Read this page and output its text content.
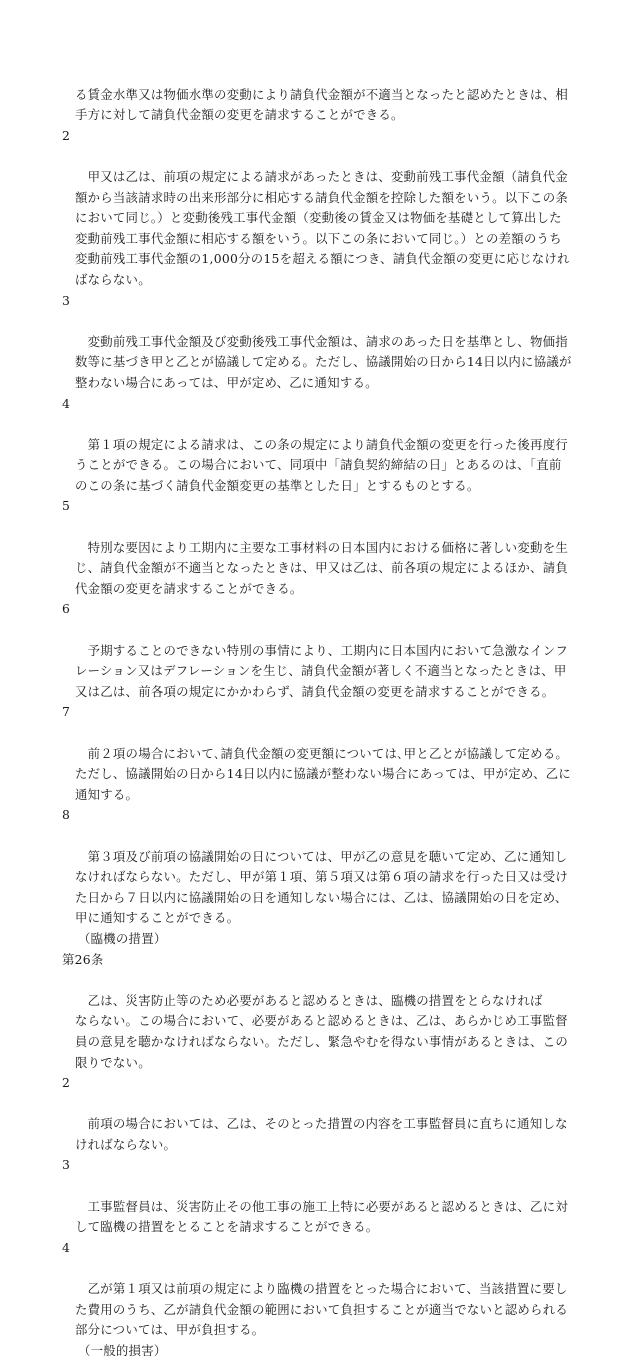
る賃金水準又は物価水準の変動により請負代金額が不適当となったと認めたときは、相
手方に対して請負代金額の変更を請求することができる。

2

　甲又は乙は、前項の規定による請求があったときは、変動前残工事代金額（請負代金
額から当該請求時の出来形部分に相応する請負代金額を控除した額をいう。以下この条
において同じ。）と変動後残工事代金額（変動後の賃金又は物価を基礎として算出した
変動前残工事代金額に相応する額をいう。以下この条において同じ。）との差額のうち
変動前残工事代金額の1,000分の15を超える額につき、請負代金額の変更に応じなけれ
ばならない。

3

　変動前残工事代金額及び変動後残工事代金額は、請求のあった日を基準とし、物価指
数等に基づき甲と乙とが協議して定める。ただし、協議開始の日から14日以内に協議が
整わない場合にあっては、甲が定め、乙に通知する。

4

　第１項の規定による請求は、この条の規定により請負代金額の変更を行った後再度行
うことができる。この場合において、同項中「請負契約締結の日」とあるのは、「直前
のこの条に基づく請負代金額変更の基準とした日」とするものとする。

5

　特別な要因により工期内に主要な工事材料の日本国内における価格に著しい変動を生
じ、請負代金額が不適当となったときは、甲又は乙は、前各項の規定によるほか、請負
代金額の変更を請求することができる。

6

　予期することのできない特別の事情により、工期内に日本国内において急激なインフ
レーション又はデフレーションを生じ、請負代金額が著しく不適当となったときは、甲
又は乙は、前各項の規定にかかわらず、請負代金額の変更を請求することができる。

7

　前２項の場合において､請負代金額の変更額については､甲と乙とが協議して定める。
ただし、協議開始の日から14日以内に協議が整わない場合にあっては、甲が定め、乙に
通知する。

8

　第３項及び前項の協議開始の日については、甲が乙の意見を聴いて定め、乙に通知し
なければならない。ただし、甲が第１項、第５項又は第６項の請求を行った日又は受け
た日から７日以内に協議開始の日を通知しない場合には、乙は、協議開始の日を定め、
甲に通知することができる。

（臨機の措置）

第26条

　乙は、災害防止等のため必要があると認めるときは、臨機の措置をとらなければ
ならない。この場合において、必要があると認めるときは、乙は、あらかじめ工事監督
員の意見を聴かなければならない。ただし、緊急やむを得ない事情があるときは、この
限りでない。

2

　前項の場合においては、乙は、そのとった措置の内容を工事監督員に直ちに通知しな
ければならない。

3

　工事監督員は、災害防止その他工事の施工上特に必要があると認めるときは、乙に対
して臨機の措置をとることを請求することができる。

4

　乙が第１項又は前項の規定により臨機の措置をとった場合において、当該措置に要し
た費用のうち、乙が請負代金額の範囲において負担することが適当でないと認められる
部分については、甲が負担する。

（一般的損害）
